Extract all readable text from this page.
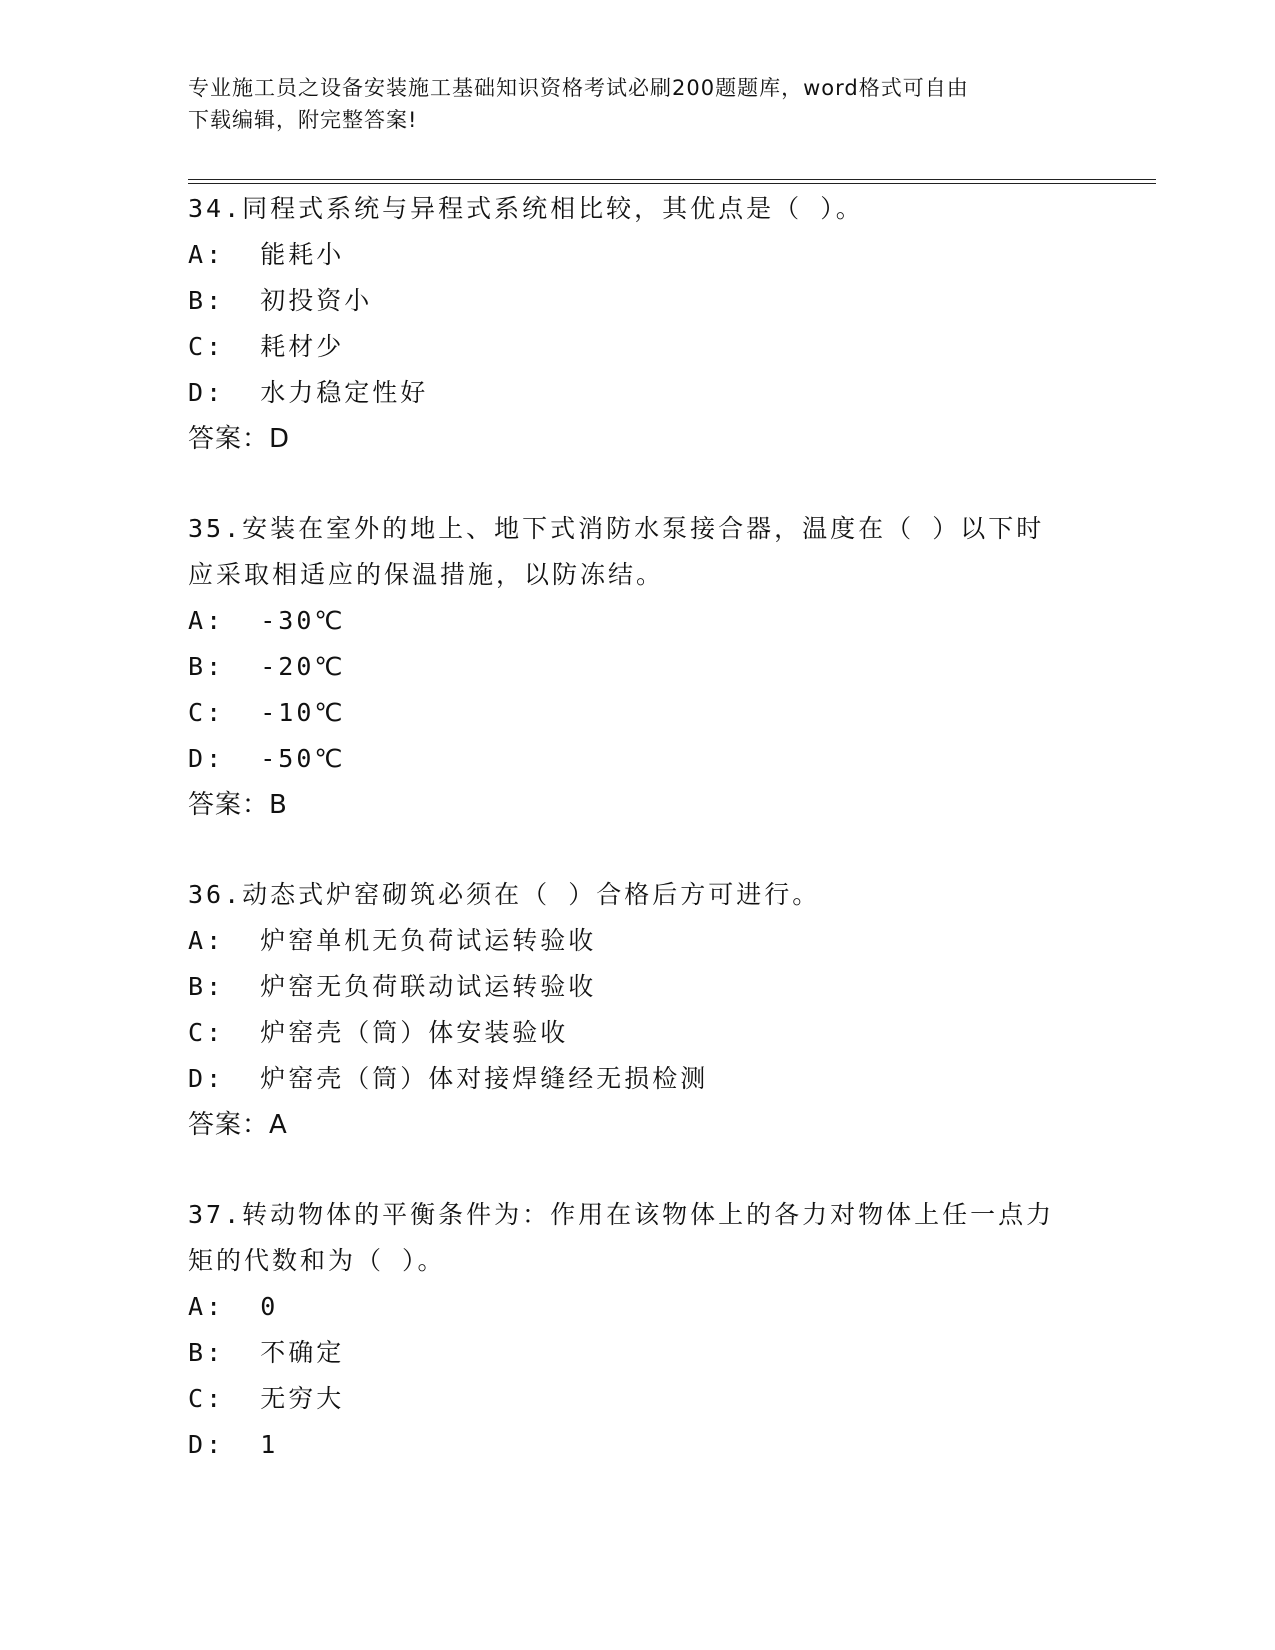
专业施工员之设备安装施工基础知识资格考试必刷200题题库，word格式可自由
下载编辑，附完整答案!
34.同程式系统与异程式系统相比较，其优点是（ ）。
A:  能耗小
B:  初投资小
C:  耗材少
D:  水力稳定性好
答案：D
35.安装在室外的地上、地下式消防水泵接合器，温度在（ ）以下时
应采取相适应的保温措施，以防冻结。
A:  -30℃
B:  -20℃
C:  -10℃
D:  -50℃
答案：B
36.动态式炉窑砌筑必须在（ ）合格后方可进行。
A:  炉窑单机无负荷试运转验收
B:  炉窑无负荷联动试运转验收
C:  炉窑壳（筒）体安装验收
D:  炉窑壳（筒）体对接焊缝经无损检测
答案：A
37.转动物体的平衡条件为：作用在该物体上的各力对物体上任一点力
矩的代数和为（ ）。
A:  0
B:  不确定
C:  无穷大
D:  1
